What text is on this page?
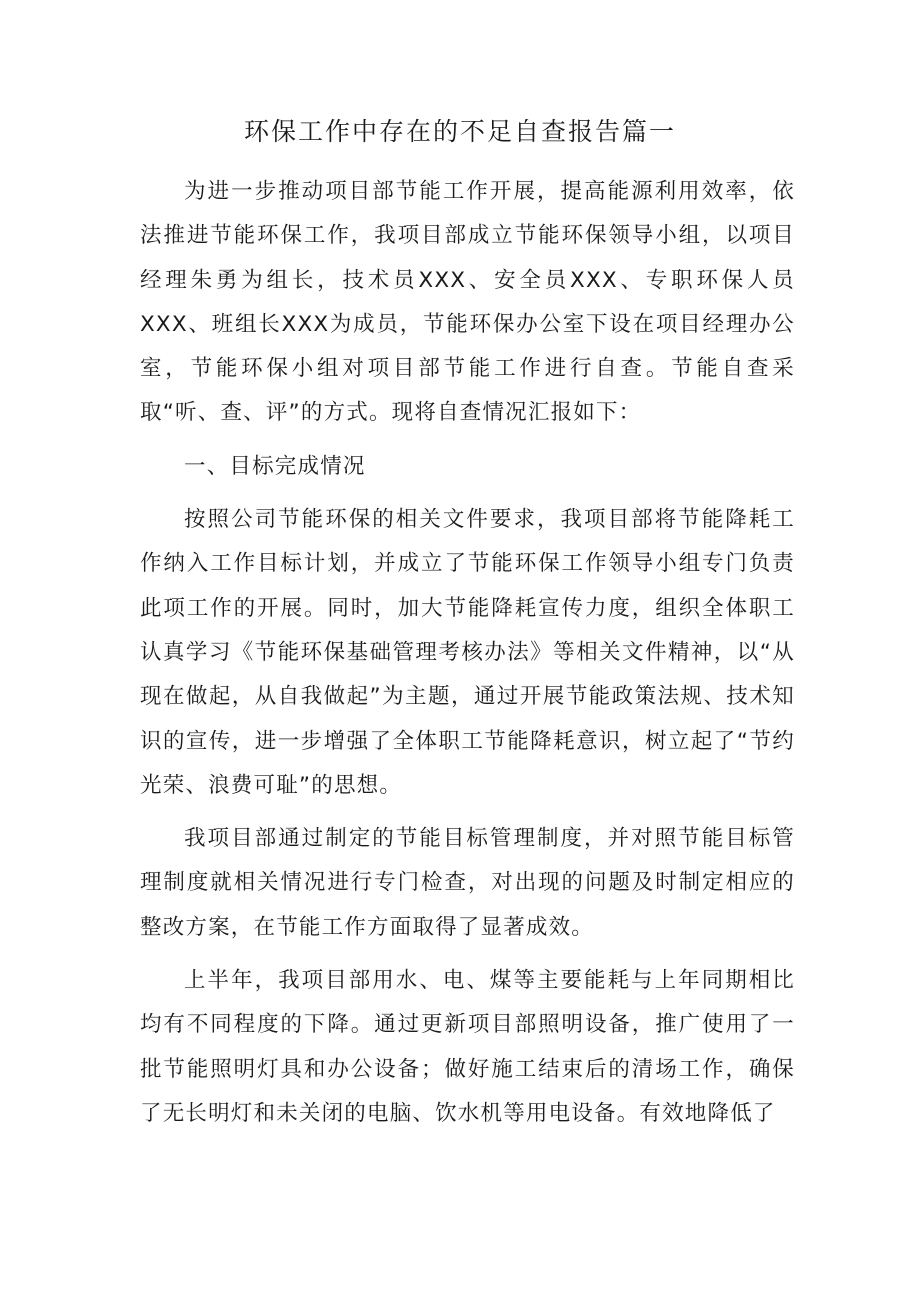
环保工作中存在的不足自查报告篇一

为进一步推动项目部节能工作开展，提高能源利用效率，依法推进节能环保工作，我项目部成立节能环保领导小组，以项目经理朱勇为组长，技术员XXX、安全员XXX、专职环保人员XXX、班组长XXX为成员，节能环保办公室下设在项目经理办公室，节能环保小组对项目部节能工作进行自查。节能自查采取“听、查、评”的方式。现将自查情况汇报如下：

一、目标完成情况

按照公司节能环保的相关文件要求，我项目部将节能降耗工作纳入工作目标计划，并成立了节能环保工作领导小组专门负责此项工作的开展。同时，加大节能降耗宣传力度，组织全体职工认真学习《节能环保基础管理考核办法》等相关文件精神，以“从现在做起，从自我做起”为主题，通过开展节能政策法规、技术知识的宣传，进一步增强了全体职工节能降耗意识，树立起了“节约光荣、浪费可耻”的思想。

我项目部通过制定的节能目标管理制度，并对照节能目标管理制度就相关情况进行专门检查，对出现的问题及时制定相应的整改方案，在节能工作方面取得了显著成效。

上半年，我项目部用水、电、煤等主要能耗与上年同期相比均有不同程度的下降。通过更新项目部照明设备，推广使用了一批节能照明灯具和办公设备；做好施工结束后的清场工作，确保了无长明灯和未关闭的电脑、饮水机等用电设备。有效地降低了
